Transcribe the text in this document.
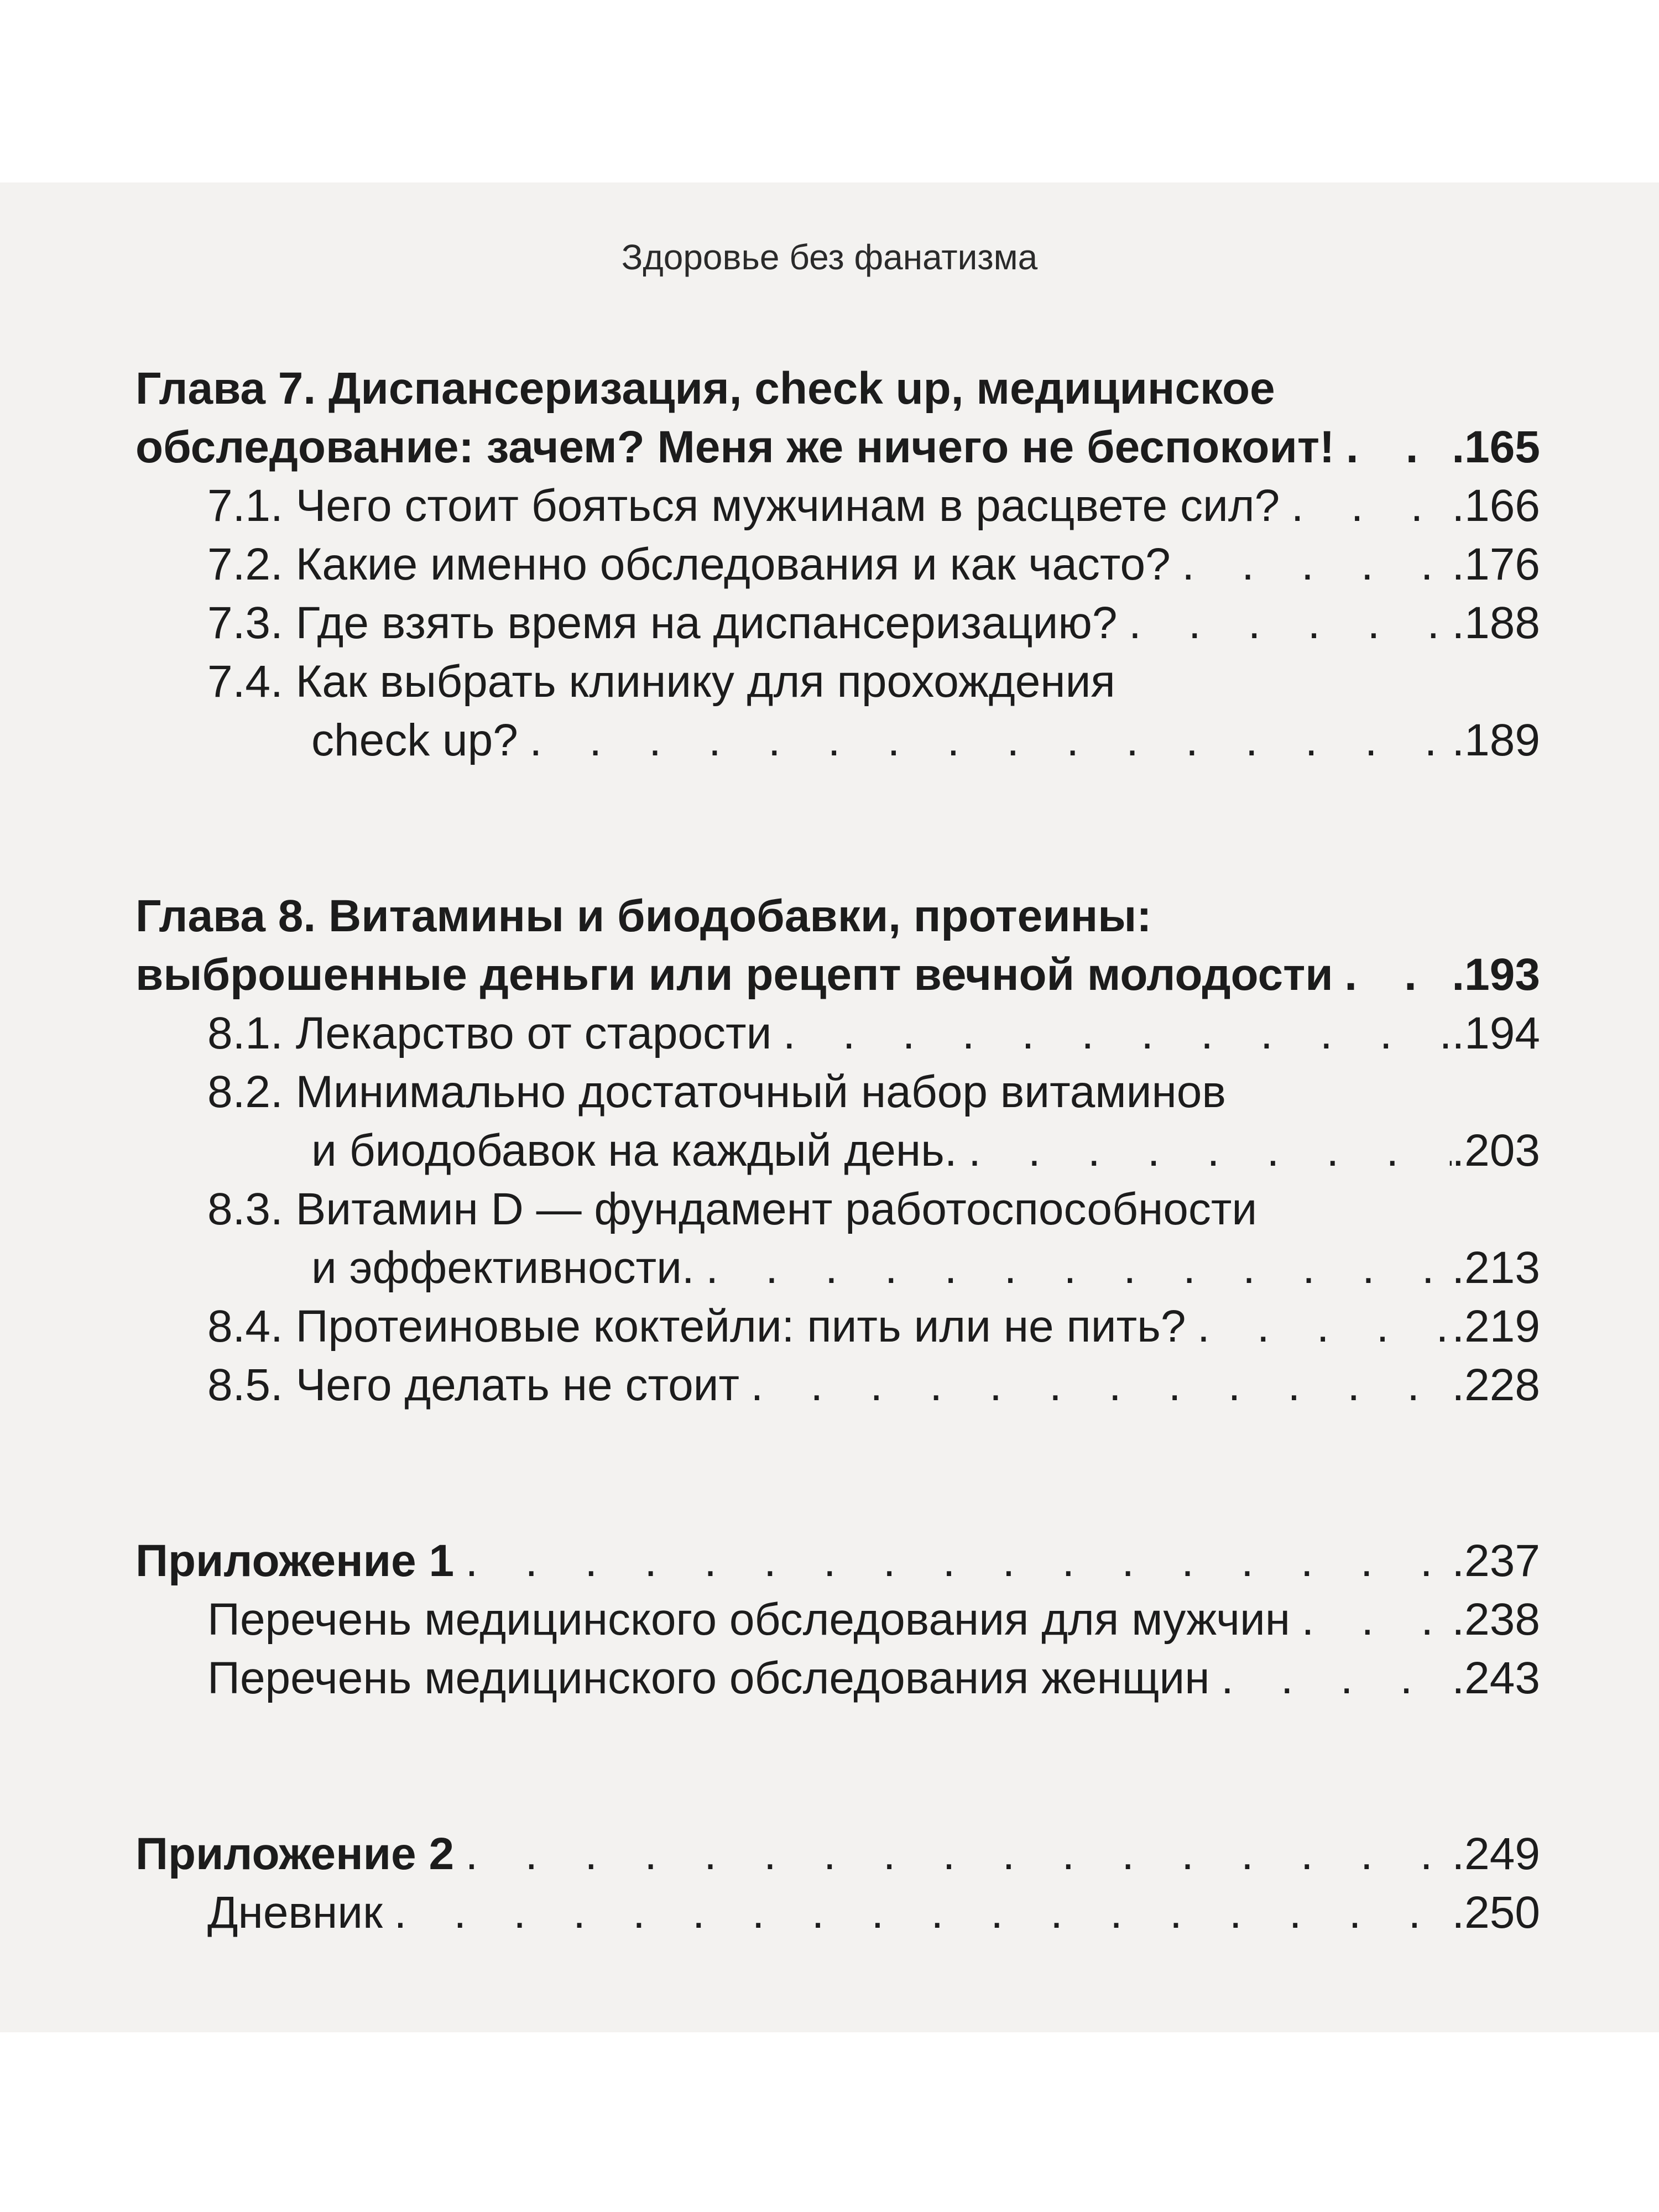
Здоровье без фанатизма
Глава 7. Диспансеризация, check up, медицинское
обследование: зачем? Меня же ничего не беспокоит! . . .	.165
7.1. Чего стоит бояться мужчинам в расцвете сил? . . .	.166
7.2. Какие именно обследования и как часто? . . .	.176
7.3. Где взять время на диспансеризацию? . . .	.188
7.4. Как выбрать клинику для прохождения
check up? . . .	.189
Глава 8. Витамины и биодобавки, протеины:
выброшенные деньги или рецепт вечной молодости . . .	.193
8.1. Лекарство от старости . . .	.194
8.2. Минимально достаточный набор витаминов
и биодобавок на каждый день. . . .	.203
8.3. Витамин D — фундамент работоспособности
и эффективности. . . .	.213
8.4. Протеиновые коктейли: пить или не пить? . . .	.219
8.5. Чего делать не стоит . . .	.228
Приложение 1 . . .	.237
Перечень медицинского обследования для мужчин . . .	.238
Перечень медицинского обследования женщин . . .	.243
Приложение 2 . . .	.249
Дневник . . .	.250
